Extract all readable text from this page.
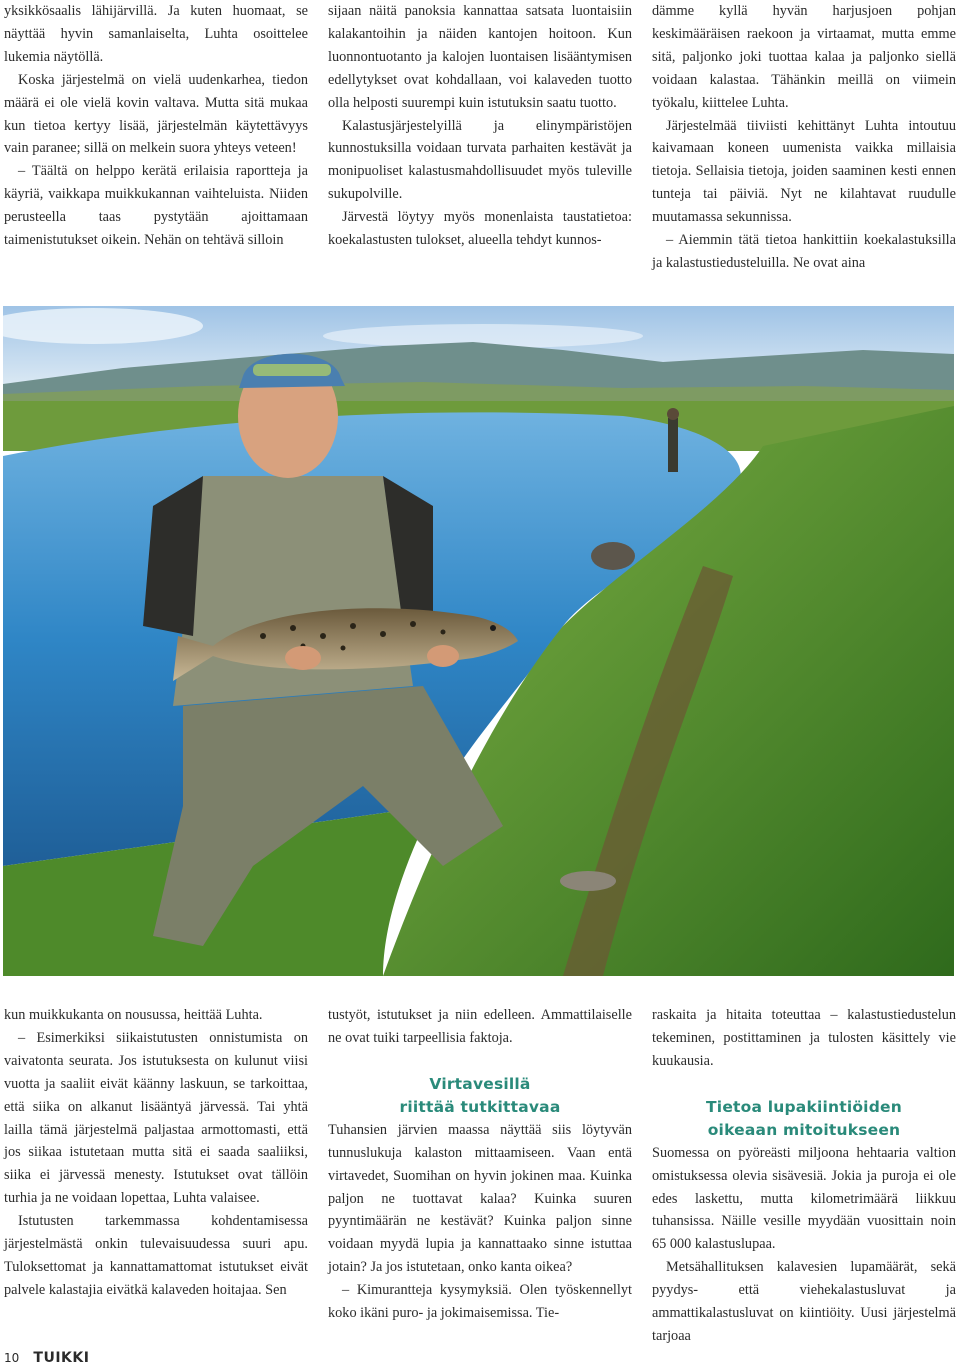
yksikkösaalis lähijärvillä. Ja kuten huomaat, se näyttää hyvin samanlaiselta, Luhta osoittelee lukemia näytöllä.

Koska järjestelmä on vielä uudenkarhea, tiedon määrä ei ole vielä kovin valtava. Mutta sitä mukaa kun tietoa kertyy lisää, järjestelmän käytettävyys vain paranee; sillä on melkein suora yhteys veteen!

– Täältä on helppo kerätä erilaisia raportteja ja käyriä, vaikkapa muikkukannan vaihteluista. Niiden perusteella taas pystytään ajoittamaan taimenistutukset oikein. Nehän on tehtävä silloin

sijaan näitä panoksia kannattaa satsata luontaisiin kalakantoihin ja näiden kantojen hoitoon. Kun luonnontuotanto ja kalojen luontaisen lisääntymisen edellytykset ovat kohdallaan, voi kalaveden tuotto olla helposti suurempi kuin istutuksin saatu tuotto.

Kalastusjärjestelyillä ja elinympäristöjen kunnostuksilla voidaan turvata parhaiten kestävät ja monipuoliset kalastusmahdollisuudet myös tuleville sukupolville.

Järvestä löytyy myös monenlaista taustatietoa: koekalastusten tulokset, alueella tehdyt kunnos-

dämme kyllä hyvän harjusjoen pohjan keskimääräisen raekoon ja virtaamat, mutta emme sitä, paljonko joki tuottaa kalaa ja paljonko siellä voidaan kalastaa. Tähänkin meillä on viimein työkalu, kiittelee Luhta.

Järjestelmää tiiviisti kehittänyt Luhta intoutuu kaivamaan koneen uumenista vaikka millaisia tietoja. Sellaisia tietoja, joiden saaminen kesti ennen tunteja tai päiviä. Nyt ne kilahtavat ruudulle muutamassa sekunnissa.

– Aiemmin tätä tietoa hankittiin koekalastuksilla ja kalastustiedusteluilla. Ne ovat aina

kun muikkukanta on nousussa, heittää Luhta.

– Esimerkiksi siikaistutusten onnistumista on vaivatonta seurata. Jos istutuksesta on kulunut viisi vuotta ja saaliit eivät käänny laskuun, se tarkoittaa, että siika on alkanut lisääntyä järvessä. Tai yhtä lailla tämä järjestelmä paljastaa armottomasti, että jos siikaa istutetaan mutta sitä ei saada saaliiksi, siika ei järvessä menesty. Istutukset ovat tällöin turhia ja ne voidaan lopettaa, Luhta valaisee.

Istutusten tarkemmassa kohdentamisessa järjestelmästä onkin tulevaisuudessa suuri apu. Tuloksettomat ja kannattamattomat istutukset eivät palvele kalastajia eivätkä kalaveden hoitajaa. Sen

tustyöt, istutukset ja niin edelleen. Ammattilaiselle ne ovat tuiki tarpeellisia faktoja.

Virtavesillä
riittää tutkittavaa

Tuhansien järvien maassa näyttää siis löytyvän tunnuslukuja kalaston mittaamiseen. Vaan entä virtavedet, Suomihan on hyvin jokinen maa. Kuinka paljon ne tuottavat kalaa? Kuinka suuren pyyntimäärän ne kestävät? Kuinka paljon sinne voidaan myydä lupia ja kannattaako sinne istuttaa jotain? Ja jos istutetaan, onko kanta oikea?

– Kimurantteja kysymyksiä. Olen työskennellyt koko ikäni puro- ja jokimaisemissa. Tie-

raskaita ja hitaita toteuttaa – kalastustiedustelun tekeminen, postittaminen ja tulosten käsittely vie kuukausia.

Tietoa lupakiintiöiden
oikeaan mitoitukseen

Suomessa on pyöreästi miljoona hehtaaria valtion omistuksessa olevia sisävesiä. Jokia ja puroja ei ole edes laskettu, mutta kilometrimäärä liikkuu tuhansissa. Näille vesille myydään vuosittain noin 65 000 kalastuslupaa.

Metsähallituksen kalavesien lupamäärät, sekä pyydys- että viehekalastusluvat ja ammattikalastusluvat on kiintiöity. Uusi järjestelmä tarjoaa

10 TUIKKI
